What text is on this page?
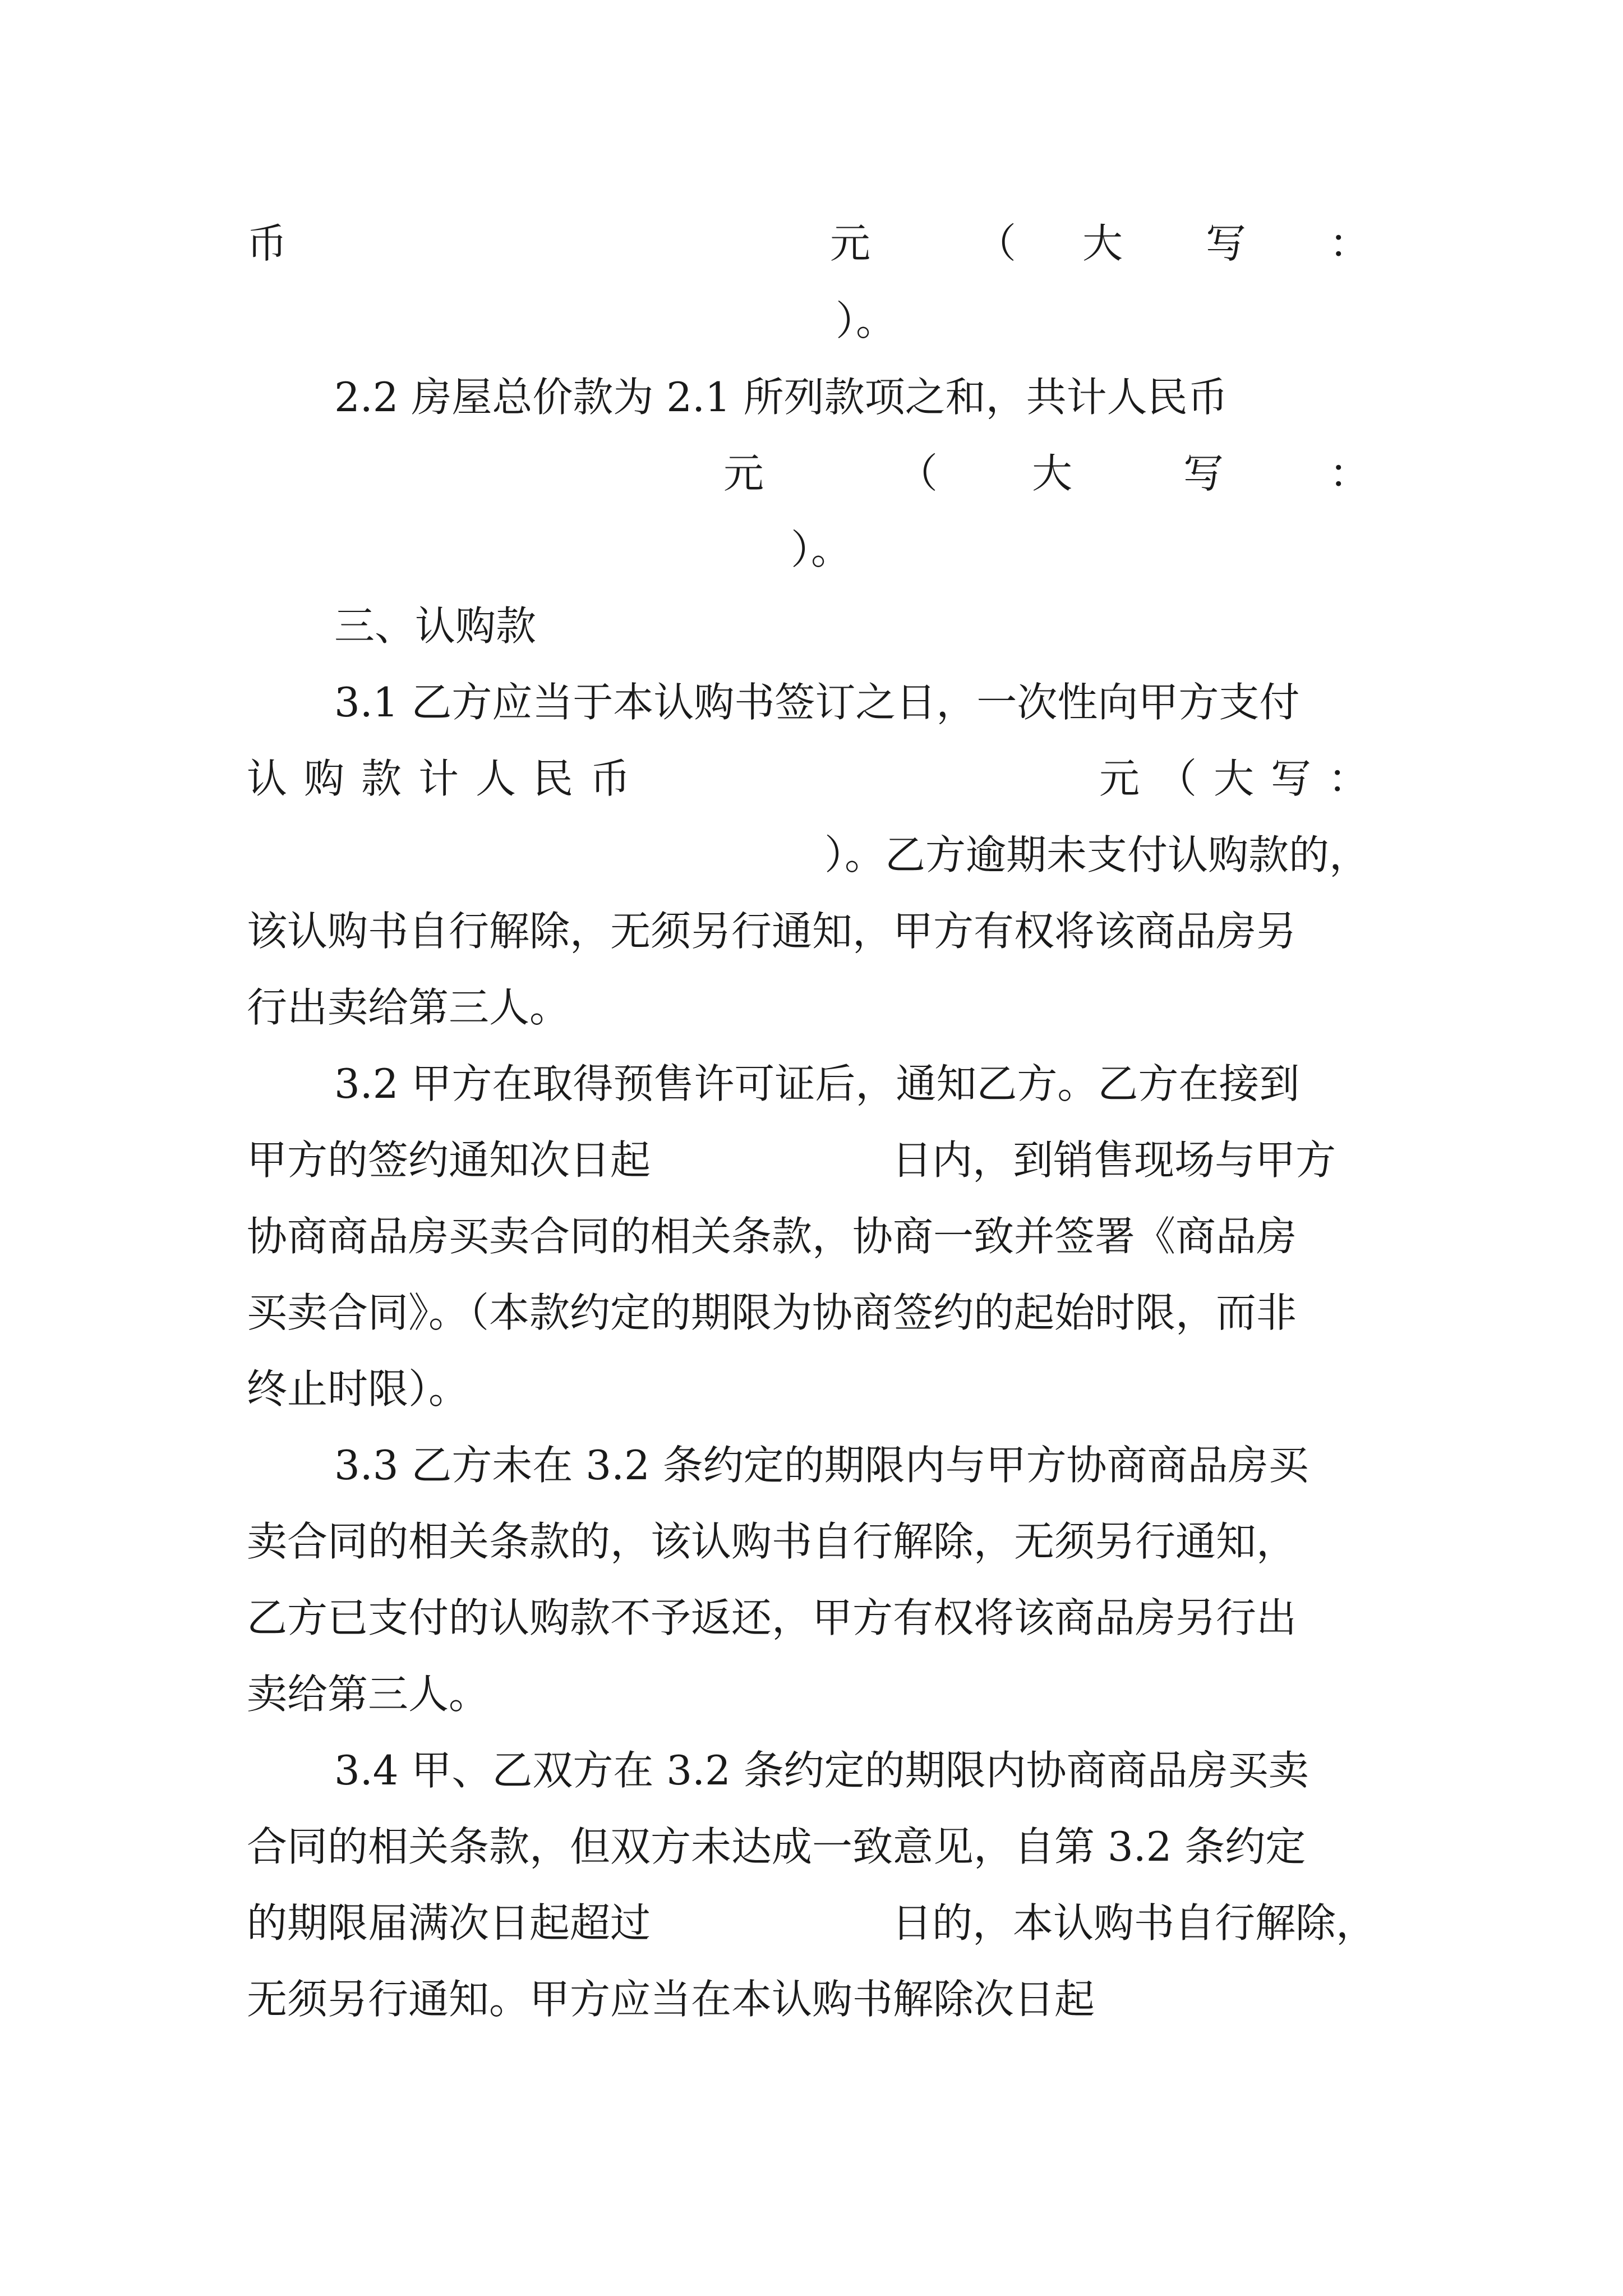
币	元	（ 大 写 ：
）。
2.2 房屋总价款为 2.1 所列款项之和，共计人民币
元	（ 大	写	：
）。
三、认购款
3.1 乙方应当于本认购书签订之日，一次性向甲方支付
认购款计人民币	元（大写：
）。乙方逾期未支付认购款的，
该认购书自行解除，无须另行通知，甲方有权将该商品房另
行出卖给第三人。
3.2 甲方在取得预售许可证后，通知乙方。乙方在接到
甲方的签约通知次日起	日内，到销售现场与甲方
协商商品房买卖合同的相关条款，协商一致并签署《商品房
买卖合同》。（本款约定的期限为协商签约的起始时限，而非
终止时限）。
3.3 乙方未在 3.2 条约定的期限内与甲方协商商品房买
卖合同的相关条款的，该认购书自行解除，无须另行通知，
乙方已支付的认购款不予返还，甲方有权将该商品房另行出
卖给第三人。
3.4 甲、乙双方在 3.2 条约定的期限内协商商品房买卖
合同的相关条款，但双方未达成一致意见，自第 3.2 条约定
的期限届满次日起超过	日的，本认购书自行解除，
无须另行通知。甲方应当在本认购书解除次日起
